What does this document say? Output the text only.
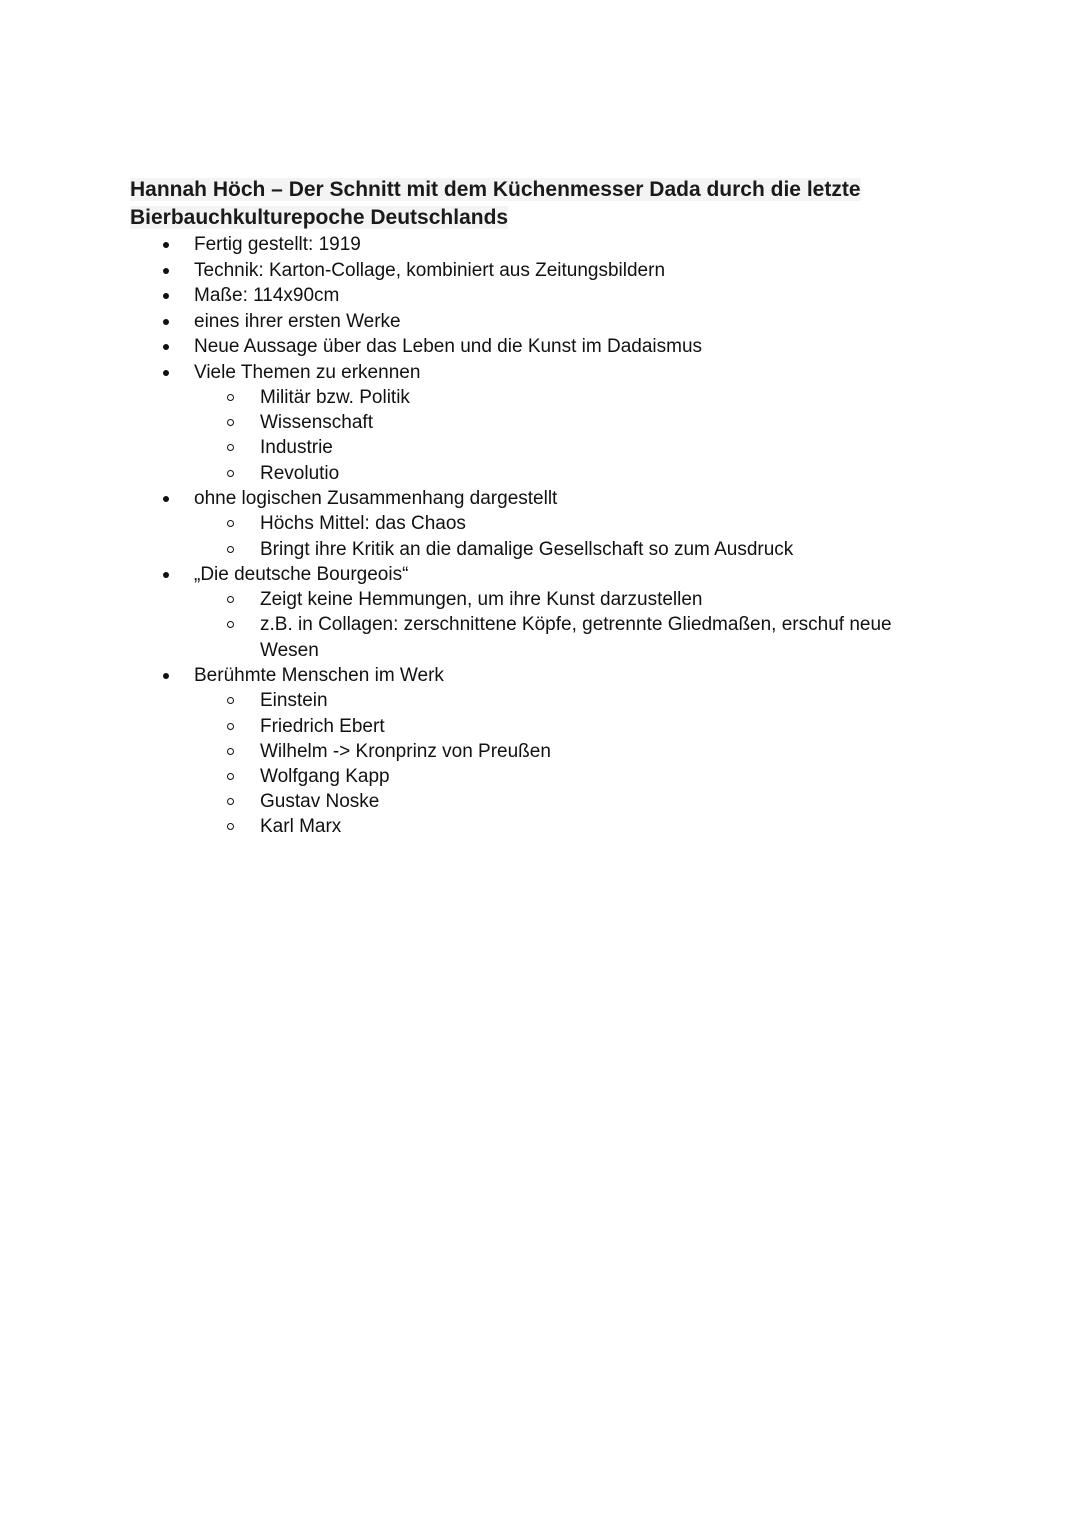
Hannah Höch – Der Schnitt mit dem Küchenmesser Dada durch die letzte Bierbauchkulturepoche Deutschlands
Fertig gestellt: 1919
Technik: Karton-Collage, kombiniert aus Zeitungsbildern
Maße: 114x90cm
eines ihrer ersten Werke
Neue Aussage über das Leben und die Kunst im Dadaismus
Viele Themen zu erkennen
Militär bzw. Politik
Wissenschaft
Industrie
Revolutio
ohne logischen Zusammenhang dargestellt
Höchs Mittel: das Chaos
Bringt ihre Kritik an die damalige Gesellschaft so zum Ausdruck
„Die deutsche Bourgeois“
Zeigt keine Hemmungen, um ihre Kunst darzustellen
z.B. in Collagen: zerschnittene Köpfe, getrennte Gliedmaßen, erschuf neue Wesen
Berühmte Menschen im Werk
Einstein
Friedrich Ebert
Wilhelm -> Kronprinz von Preußen
Wolfgang Kapp
Gustav Noske
Karl Marx
